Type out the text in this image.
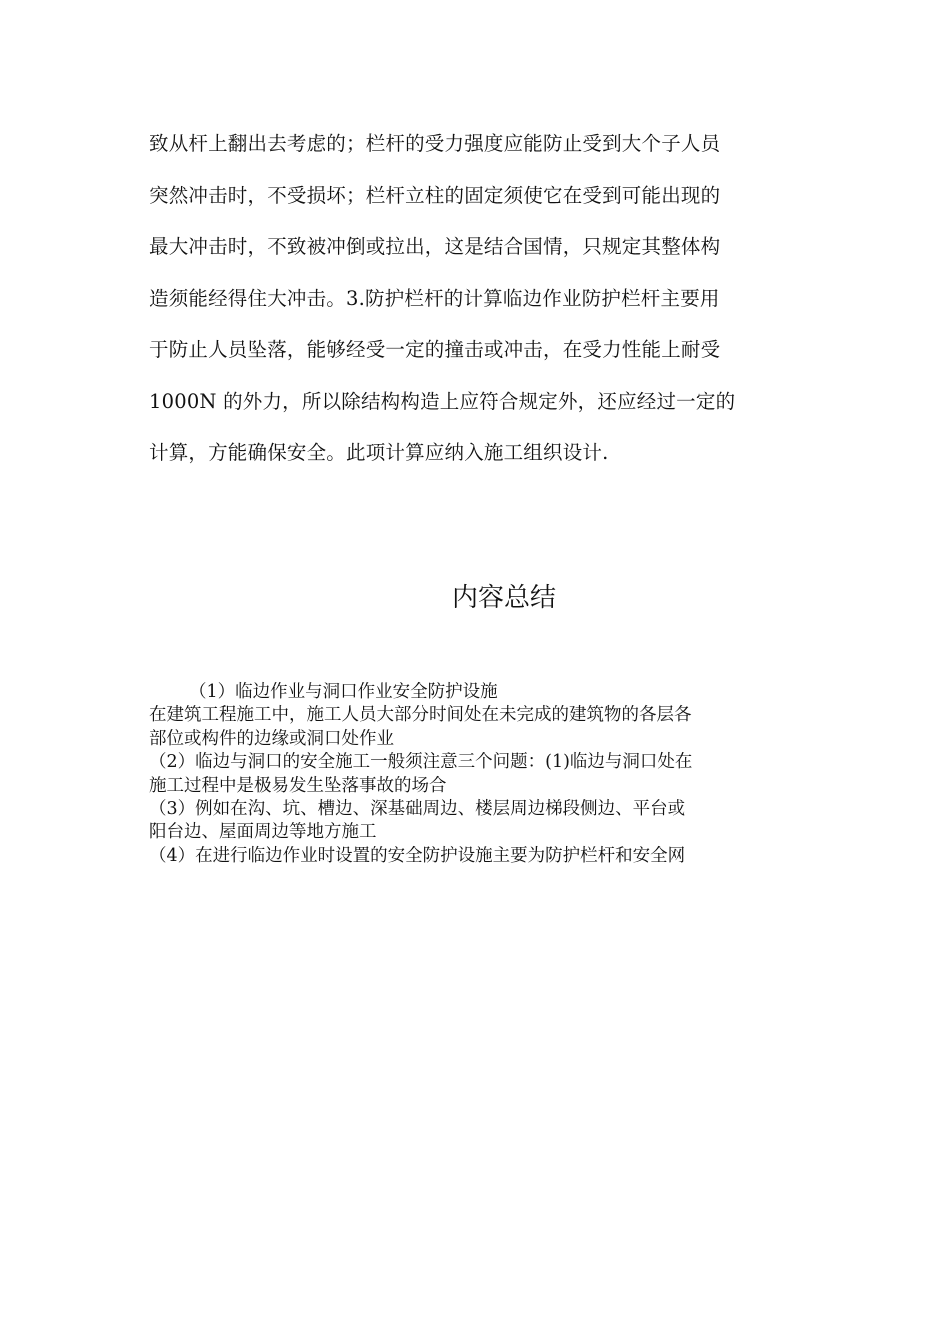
致从杆上翻出去考虑的；栏杆的受力强度应能防止受到大个子人员
突然冲击时，不受损坏；栏杆立柱的固定须使它在受到可能出现的
最大冲击时，不致被冲倒或拉出，这是结合国情，只规定其整体构
造须能经得住大冲击。3.防护栏杆的计算临边作业防护栏杆主要用
于防止人员坠落，能够经受一定的撞击或冲击，在受力性能上耐受
1000N 的外力，所以除结构构造上应符合规定外，还应经过一定的
计算，方能确保安全。此项计算应纳入施工组织设计.
内容总结
（1）临边作业与洞口作业安全防护设施
在建筑工程施工中，施工人员大部分时间处在未完成的建筑物的各层各
部位或构件的边缘或洞口处作业
（2）临边与洞口的安全施工一般须注意三个问题：(1)临边与洞口处在
施工过程中是极易发生坠落事故的场合
（3）例如在沟、坑、槽边、深基础周边、楼层周边梯段侧边、平台或
阳台边、屋面周边等地方施工
（4）在进行临边作业时设置的安全防护设施主要为防护栏杆和安全网
